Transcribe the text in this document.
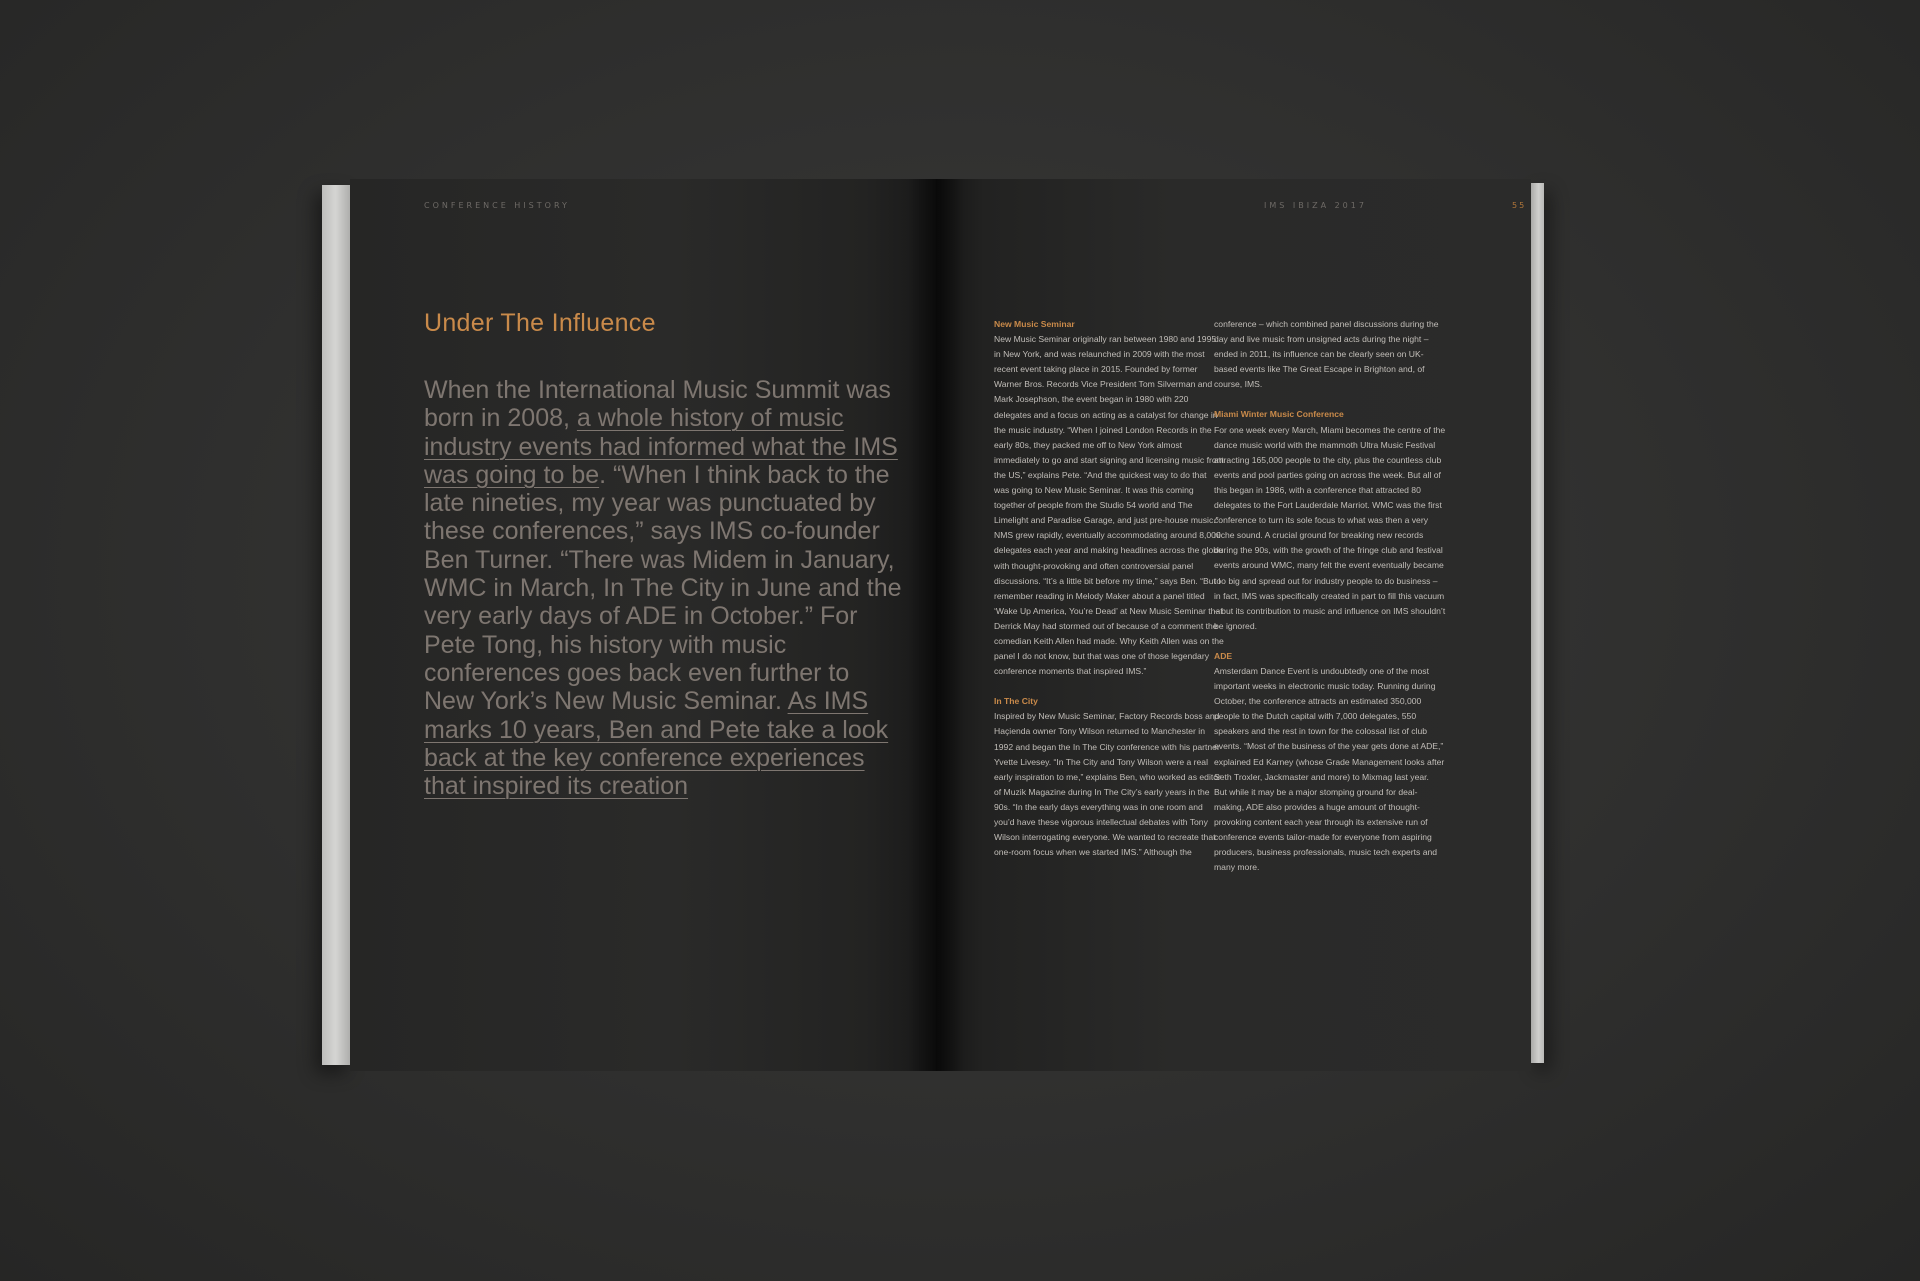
CONFERENCE HISTORY
Under The Influence

When the International Music Summit was born in 2008, a whole history of music industry events had informed what the IMS was going to be. “When I think back to the late nineties, my year was punctuated by these conferences,” says IMS co-founder Ben Turner. “There was Midem in January, WMC in March, In The City in June and the very early days of ADE in October.” For Pete Tong, his history with music conferences goes back even further to New York’s New Music Seminar. As IMS marks 10 years, Ben and Pete take a look back at the key conference experiences that inspired its creation

IMS IBIZA 2017	55

New Music Seminar

New Music Seminar originally ran between 1980 and 1995 in New York, and was relaunched in 2009 with the most recent event taking place in 2015. Founded by former Warner Bros. Records Vice President Tom Silverman and Mark Josephson, the event began in 1980 with 220 delegates and a focus on acting as a catalyst for change in the music industry. “When I joined London Records in the early 80s, they packed me off to New York almost immediately to go and start signing and licensing music from the US,” explains Pete. “And the quickest way to do that was going to New Music Seminar. It was this coming together of people from the Studio 54 world and The Limelight and Paradise Garage, and just pre-house music.” NMS grew rapidly, eventually accommodating around 8,000 delegates each year and making headlines across the globe with thought-provoking and often controversial panel discussions. “It’s a little bit before my time,” says Ben. “But I remember reading in Melody Maker about a panel titled ‘Wake Up America, You’re Dead’ at New Music Seminar that Derrick May had stormed out of because of a comment the comedian Keith Allen had made. Why Keith Allen was on the panel I do not know, but that was one of those legendary conference moments that inspired IMS.”

In The City

Inspired by New Music Seminar, Factory Records boss and Haçienda owner Tony Wilson returned to Manchester in 1992 and began the In The City conference with his partner Yvette Livesey. “In The City and Tony Wilson were a real early inspiration to me,” explains Ben, who worked as editor of Muzik Magazine during In The City’s early years in the 90s. “In the early days everything was in one room and you’d have these vigorous intellectual debates with Tony Wilson interrogating everyone. We wanted to recreate that one-room focus when we started IMS.” Although the

conference – which combined panel discussions during the day and live music from unsigned acts during the night – ended in 2011, its influence can be clearly seen on UK-based events like The Great Escape in Brighton and, of course, IMS.

Miami Winter Music Conference

For one week every March, Miami becomes the centre of the dance music world with the mammoth Ultra Music Festival attracting 165,000 people to the city, plus the countless club events and pool parties going on across the week. But all of this began in 1986, with a conference that attracted 80 delegates to the Fort Lauderdale Marriot. WMC was the first conference to turn its sole focus to what was then a very niche sound. A crucial ground for breaking new records during the 90s, with the growth of the fringe club and festival events around WMC, many felt the event eventually became too big and spread out for industry people to do business – in fact, IMS was specifically created in part to fill this vacuum – but its contribution to music and influence on IMS shouldn’t be ignored.

ADE

Amsterdam Dance Event is undoubtedly one of the most important weeks in electronic music today. Running during October, the conference attracts an estimated 350,000 people to the Dutch capital with 7,000 delegates, 550 speakers and the rest in town for the colossal list of club events. “Most of the business of the year gets done at ADE,” explained Ed Karney (whose Grade Management looks after Seth Troxler, Jackmaster and more) to Mixmag last year.

But while it may be a major stomping ground for deal-making, ADE also provides a huge amount of thought-provoking content each year through its extensive run of conference events tailor-made for everyone from aspiring producers, business professionals, music tech experts and many more.
